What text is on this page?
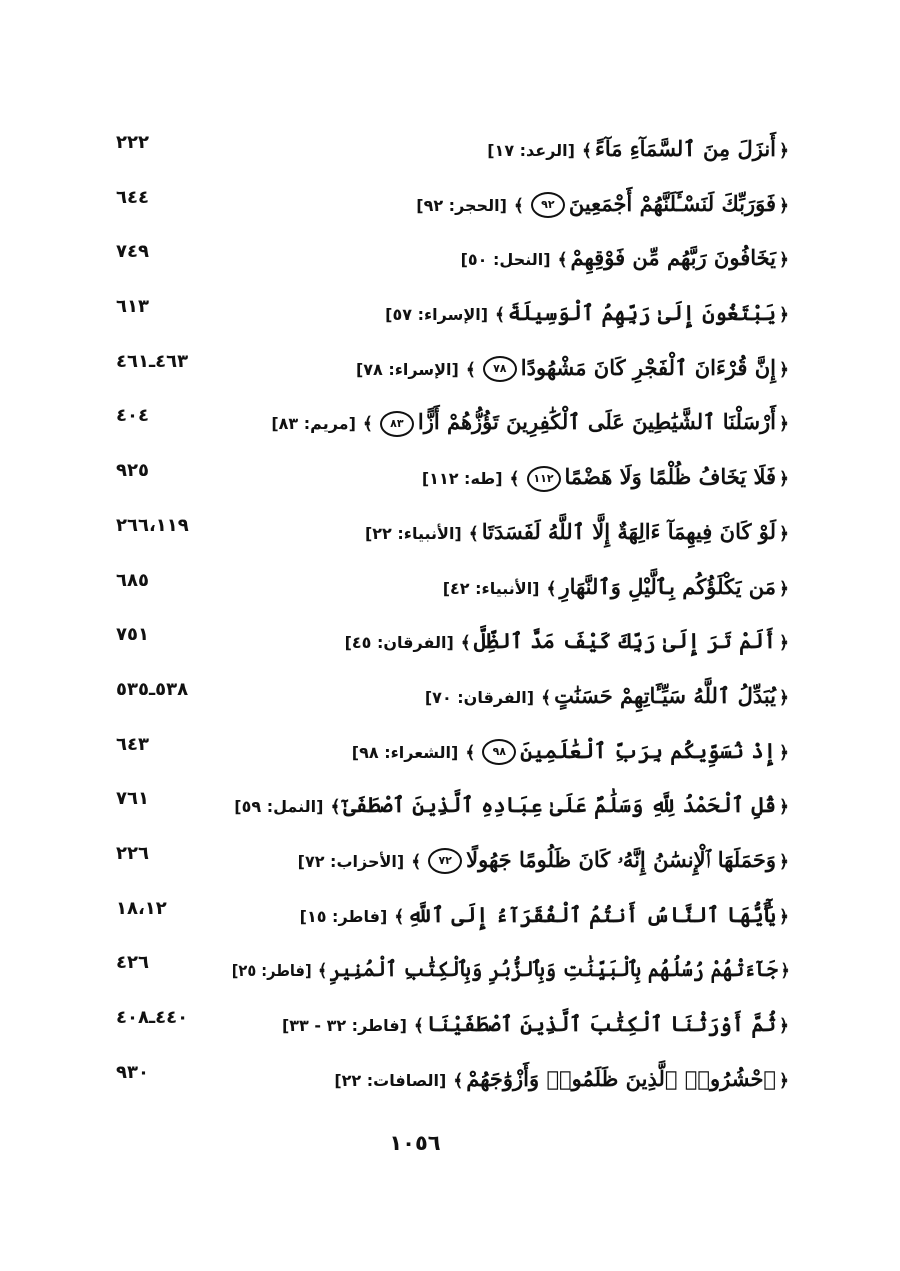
﴿أَنزَلَ مِنَ ٱلسَّمَآءِ مَآءً﴾[الرعد: ١٧]
٢٢٢
﴿فَوَرَبِّكَ لَنَسْـَٔلَنَّهُمْ أَجْمَعِينَ٩٢﴾[الحجر: ٩٢]
٦٤٤
﴿يَخَافُونَ رَبَّهُم مِّن فَوْقِهِمْ﴾[النحل: ٥٠]
٧٤٩
﴿يَبْتَغُونَ إِلَىٰ رَبِّهِمُ ٱلْوَسِيلَةَ﴾[الإسراء: ٥٧]
٦١٣
﴿إِنَّ قُرْءَانَ ٱلْفَجْرِ كَانَ مَشْهُودًا٧٨﴾[الإسراء: ٧٨]
٤٦٣ـ٤٦١
﴿أَرْسَلْنَا ٱلشَّيَٰطِينَ عَلَى ٱلْكَٰفِرِينَ تَؤُزُّهُمْ أَزًّا٨٣﴾[مريم: ٨٣]
٤٠٤
﴿فَلَا يَخَافُ ظُلْمًا وَلَا هَضْمًا١١٢﴾[طه: ١١٢]
٩٢٥
﴿لَوْ كَانَ فِيهِمَآ ءَالِهَةٌ إِلَّا ٱللَّهُ لَفَسَدَتَا﴾[الأنبياء: ٢٢]
٢٦٦،١١٩
﴿مَن يَكْلَؤُكُم بِٱلَّيْلِ وَٱلنَّهَارِ﴾[الأنبياء: ٤٢]
٦٨٥
﴿أَلَمْ تَرَ إِلَىٰ رَبِّكَ كَيْفَ مَدَّ ٱلظِّلَّ﴾[الفرقان: ٤٥]
٧٥١
﴿يُبَدِّلُ ٱللَّهُ سَيِّـَٔاتِهِمْ حَسَنَٰتٍ﴾[الفرقان: ٧٠]
٥٣٨ـ٥٣٥
﴿إِذْ نُسَوِّيكُم بِرَبِّ ٱلْعَٰلَمِينَ٩٨﴾[الشعراء: ٩٨]
٦٤٣
﴿قُلِ ٱلْحَمْدُ لِلَّهِ وَسَلَٰمٌ عَلَىٰ عِبَادِهِ ٱلَّذِينَ ٱصْطَفَىٰٓ﴾[النمل: ٥٩]
٧٦١
﴿وَحَمَلَهَا ٱلْإِنسَٰنُ إِنَّهُۥ كَانَ ظَلُومًا جَهُولًا٧٢﴾[الأحزاب: ٧٢]
٢٢٦
﴿يَٰٓأَيُّهَا ٱلنَّاسُ أَنتُمُ ٱلْفُقَرَآءُ إِلَى ٱللَّهِ﴾[فاطر: ١٥]
١٨،١٢
﴿جَآءَتْهُمْ رُسُلُهُم بِٱلْبَيِّنَٰتِ وَبِٱلزُّبُرِ وَبِٱلْكِتَٰبِ ٱلْمُنِيرِ﴾[فاطر: ٢٥]
٤٢٦
﴿ثُمَّ أَوْرَثْنَا ٱلْكِتَٰبَ ٱلَّذِينَ ٱصْطَفَيْنَا﴾[فاطر: ٣٢ - ٣٣]
٤٤٠ـ٤٠٨
﴿ٱحْشُرُوا۟ ٱلَّذِينَ ظَلَمُوا۟ وَأَزْوَٰجَهُمْ﴾[الصافات: ٢٢]
٩٣٠
١٠٥٦
